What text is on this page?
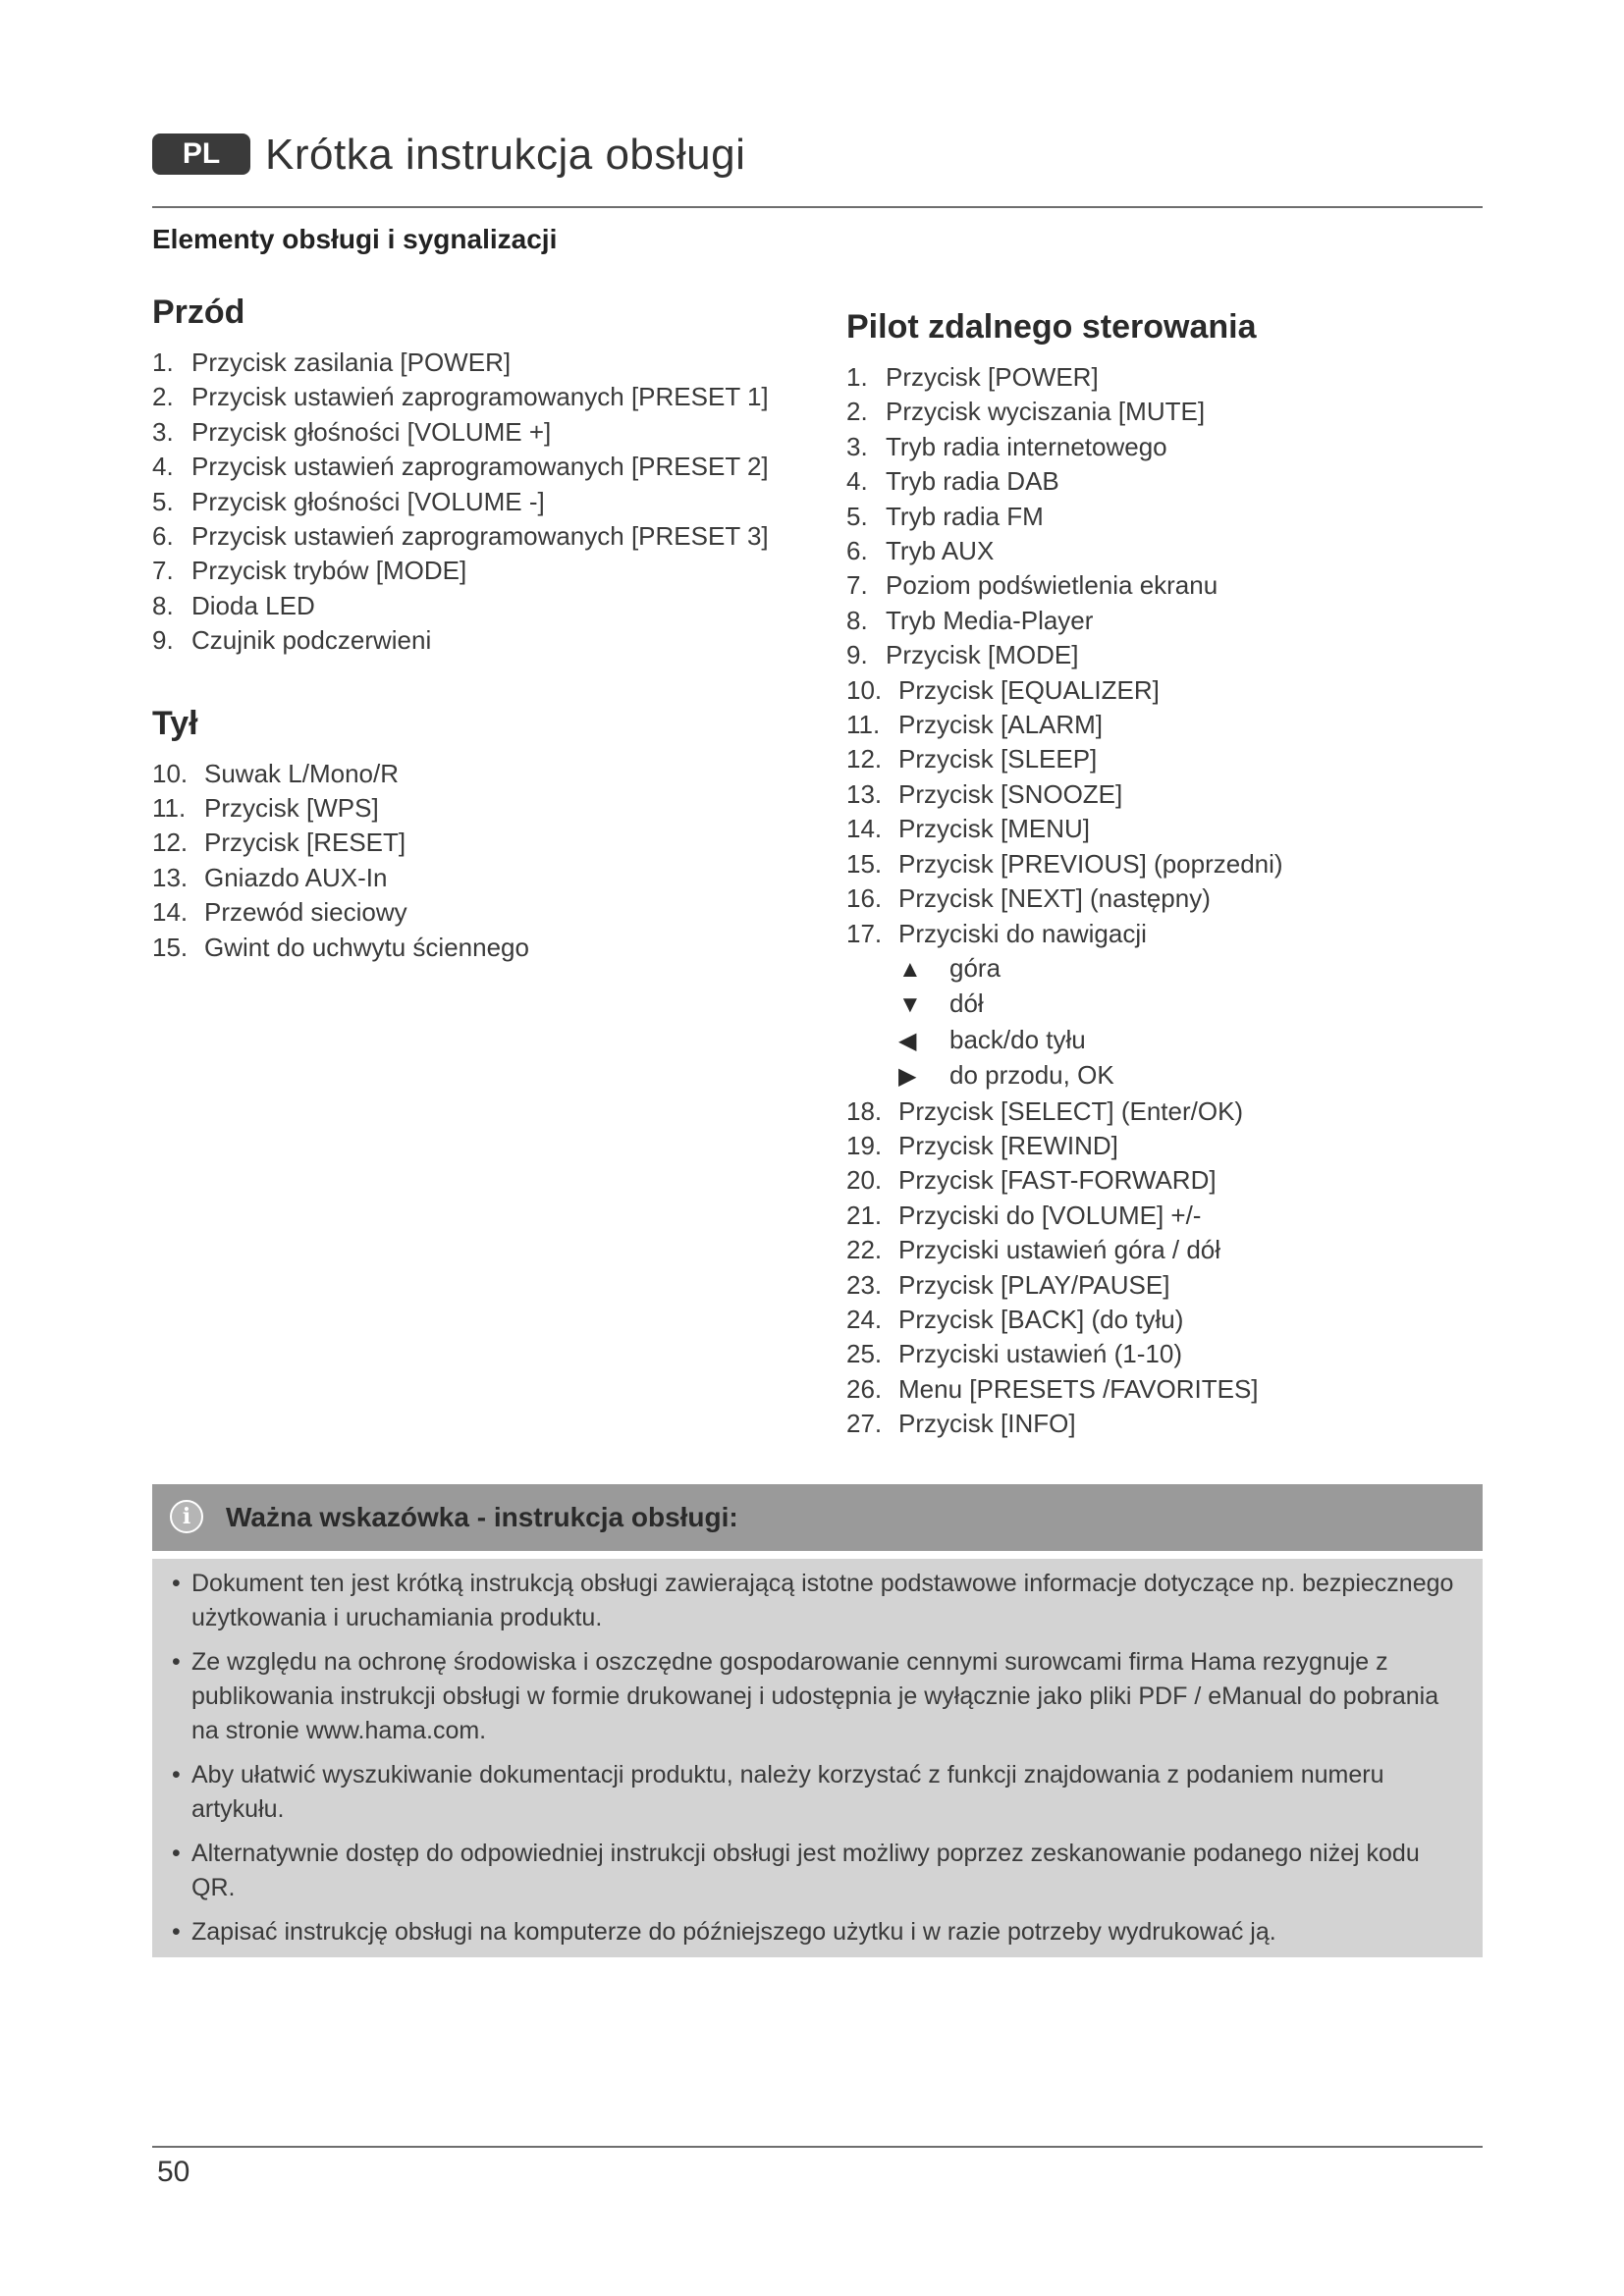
PL	Krótka instrukcja obsługi
Elementy obsługi i sygnalizacji
Przód
1. Przycisk zasilania [POWER]
2. Przycisk ustawień zaprogramowanych [PRESET 1]
3. Przycisk głośności [VOLUME +]
4. Przycisk ustawień zaprogramowanych [PRESET 2]
5. Przycisk głośności [VOLUME -]
6. Przycisk ustawień zaprogramowanych [PRESET 3]
7. Przycisk trybów [MODE]
8. Dioda LED
9. Czujnik podczerwieni
Tył
10. Suwak L/Mono/R
11. Przycisk [WPS]
12. Przycisk [RESET]
13. Gniazdo AUX-In
14. Przewód sieciowy
15. Gwint do uchwytu ściennego
Pilot zdalnego sterowania
1. Przycisk [POWER]
2. Przycisk wyciszania [MUTE]
3. Tryb radia internetowego
4. Tryb radia DAB
5. Tryb radia FM
6. Tryb AUX
7. Poziom podświetlenia ekranu
8. Tryb Media-Player
9. Przycisk [MODE]
10. Przycisk [EQUALIZER]
11. Przycisk [ALARM]
12. Przycisk [SLEEP]
13. Przycisk [SNOOZE]
14. Przycisk [MENU]
15. Przycisk [PREVIOUS] (poprzedni)
16. Przycisk [NEXT] (następny)
17. Przyciski do nawigacji
▲ góra
▼ dół
◀ back/do tyłu
▶ do przodu, OK
18. Przycisk [SELECT] (Enter/OK)
19. Przycisk [REWIND]
20. Przycisk [FAST-FORWARD]
21. Przyciski do [VOLUME] +/-
22. Przyciski ustawień góra / dół
23. Przycisk [PLAY/PAUSE]
24. Przycisk [BACK] (do tyłu)
25. Przyciski ustawień (1-10)
26. Menu [PRESETS /FAVORITES]
27. Przycisk [INFO]
i	Ważna wskazówka - instrukcja obsługi:
• Dokument ten jest krótką instrukcją obsługi zawierającą istotne podstawowe informacje dotyczące np. bezpiecznego użytkowania i uruchamiania produktu.
• Ze względu na ochronę środowiska i oszczędne gospodarowanie cennymi surowcami firma Hama rezygnuje z publikowania instrukcji obsługi w formie drukowanej i udostępnia je wyłącznie jako pliki PDF / eManual do pobrania na stronie www.hama.com.
• Aby ułatwić wyszukiwanie dokumentacji produktu, należy korzystać z funkcji znajdowania z podaniem numeru artykułu.
• Alternatywnie dostęp do odpowiedniej instrukcji obsługi jest możliwy poprzez zeskanowanie podanego niżej kodu QR.
• Zapisać instrukcję obsługi na komputerze do późniejszego użytku i w razie potrzeby wydrukować ją.
50
